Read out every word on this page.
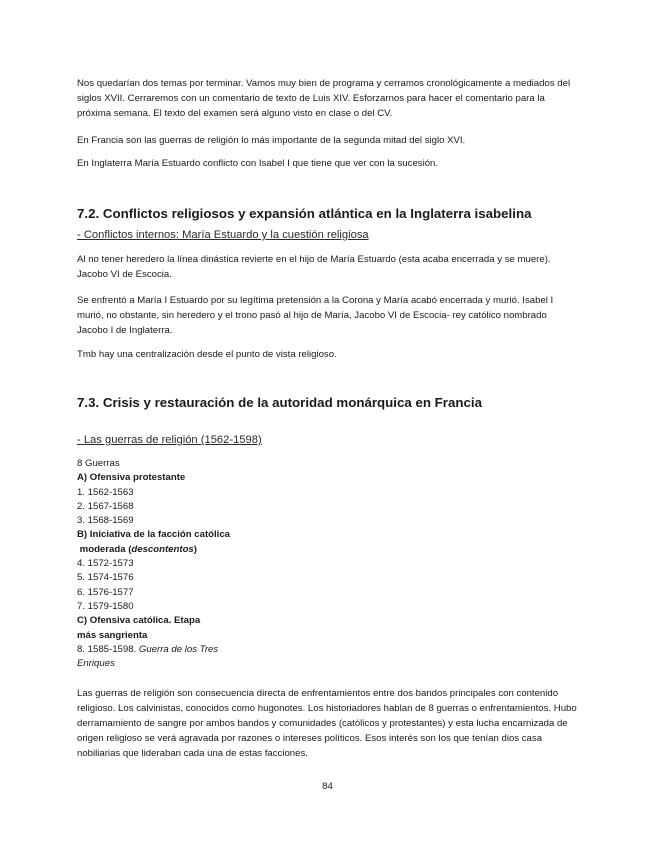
Nos quedarían dos temas por terminar. Vamos muy bien de programa y cerramos cronológicamente a mediados del siglos XVII. Cerraremos con un comentario de texto de Luis XIV. Esforzarnos para hacer el comentario para la próxima semana. El texto del examen será alguno visto en clase o del CV.

En Francia son las guerras de religión lo más importante de la segunda mitad del siglo XVI.

En Inglaterra María Estuardo conflicto con Isabel I que tiene que ver con la sucesión.

7.2. Conflictos religiosos y expansión atlántica en la Inglaterra isabelina
- Conflictos internos: María Estuardo y la cuestión religiosa

Al no tener heredero la línea dinástica revierte en el hijo de María Estuardo (esta acaba encerrada y se muere). Jacobo VI de Escocia.

Se enfrentó a María I Estuardo por su legítima pretensión a la Corona y María acabó encerrada y murió. Isabel I murió, no obstante, sin heredero y el trono pasó al hijo de María, Jacobo VI de Escocia- rey católico nombrado Jacobo I de Inglaterra.

Tmb hay una centralización desde el punto de vista religioso.

7.3. Crisis y restauración de la autoridad monárquica en Francia
- Las guerras de religión (1562-1598)
8 Guerras
A) Ofensiva protestante
1. 1562-1563
2. 1567-1568
3. 1568-1569
B) Iniciativa de la facción católica
moderada (descontentos)
4. 1572-1573
5. 1574-1576
6. 1576-1577
7. 1579-1580
C) Ofensiva católica. Etapa
más sangrienta
8. 1585-1598. Guerra de los Tres
Enriques

Las guerras de religión son consecuencia directa de enfrentamientos entre dos bandos principales con contenido religioso. Los calvinistas, conocidos como hugonotes. Los historiadores hablan de 8 guerras o enfrentamientos. Hubo derramamiento de sangre por ambos bandos y comunidades (católicos y protestantes) y esta lucha encarnizada de origen religioso se verá agravada por razones o intereses políticos. Esos interés son los que tenían dios casa nobiliarias que lideraban cada una de estas facciones.

84
